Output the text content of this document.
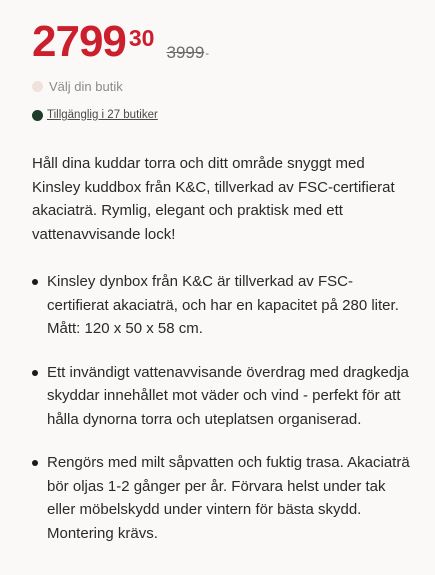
2799 30
3999 -
Välj din butik
Tillgänglig i 27 butiker

Håll dina kuddar torra och ditt område snyggt med Kinsley kuddbox från K&C, tillverkad av FSC-certifierat akaciaträ. Rymlig, elegant och praktisk med ett vattenavvisande lock!

Kinsley dynbox från K&C är tillverkad av FSC-certifierat akaciaträ, och har en kapacitet på 280 liter. Mått: 120 x 50 x 58 cm.
Ett invändigt vattenavvisande överdrag med dragkedja skyddar innehållet mot väder och vind - perfekt för att hålla dynorna torra och uteplatsen organiserad.
Rengörs med milt såpvatten och fuktig trasa. Akaciaträ bör oljas 1-2 gånger per år. Förvara helst under tak eller möbelskydd under vintern för bästa skydd. Montering krävs.
